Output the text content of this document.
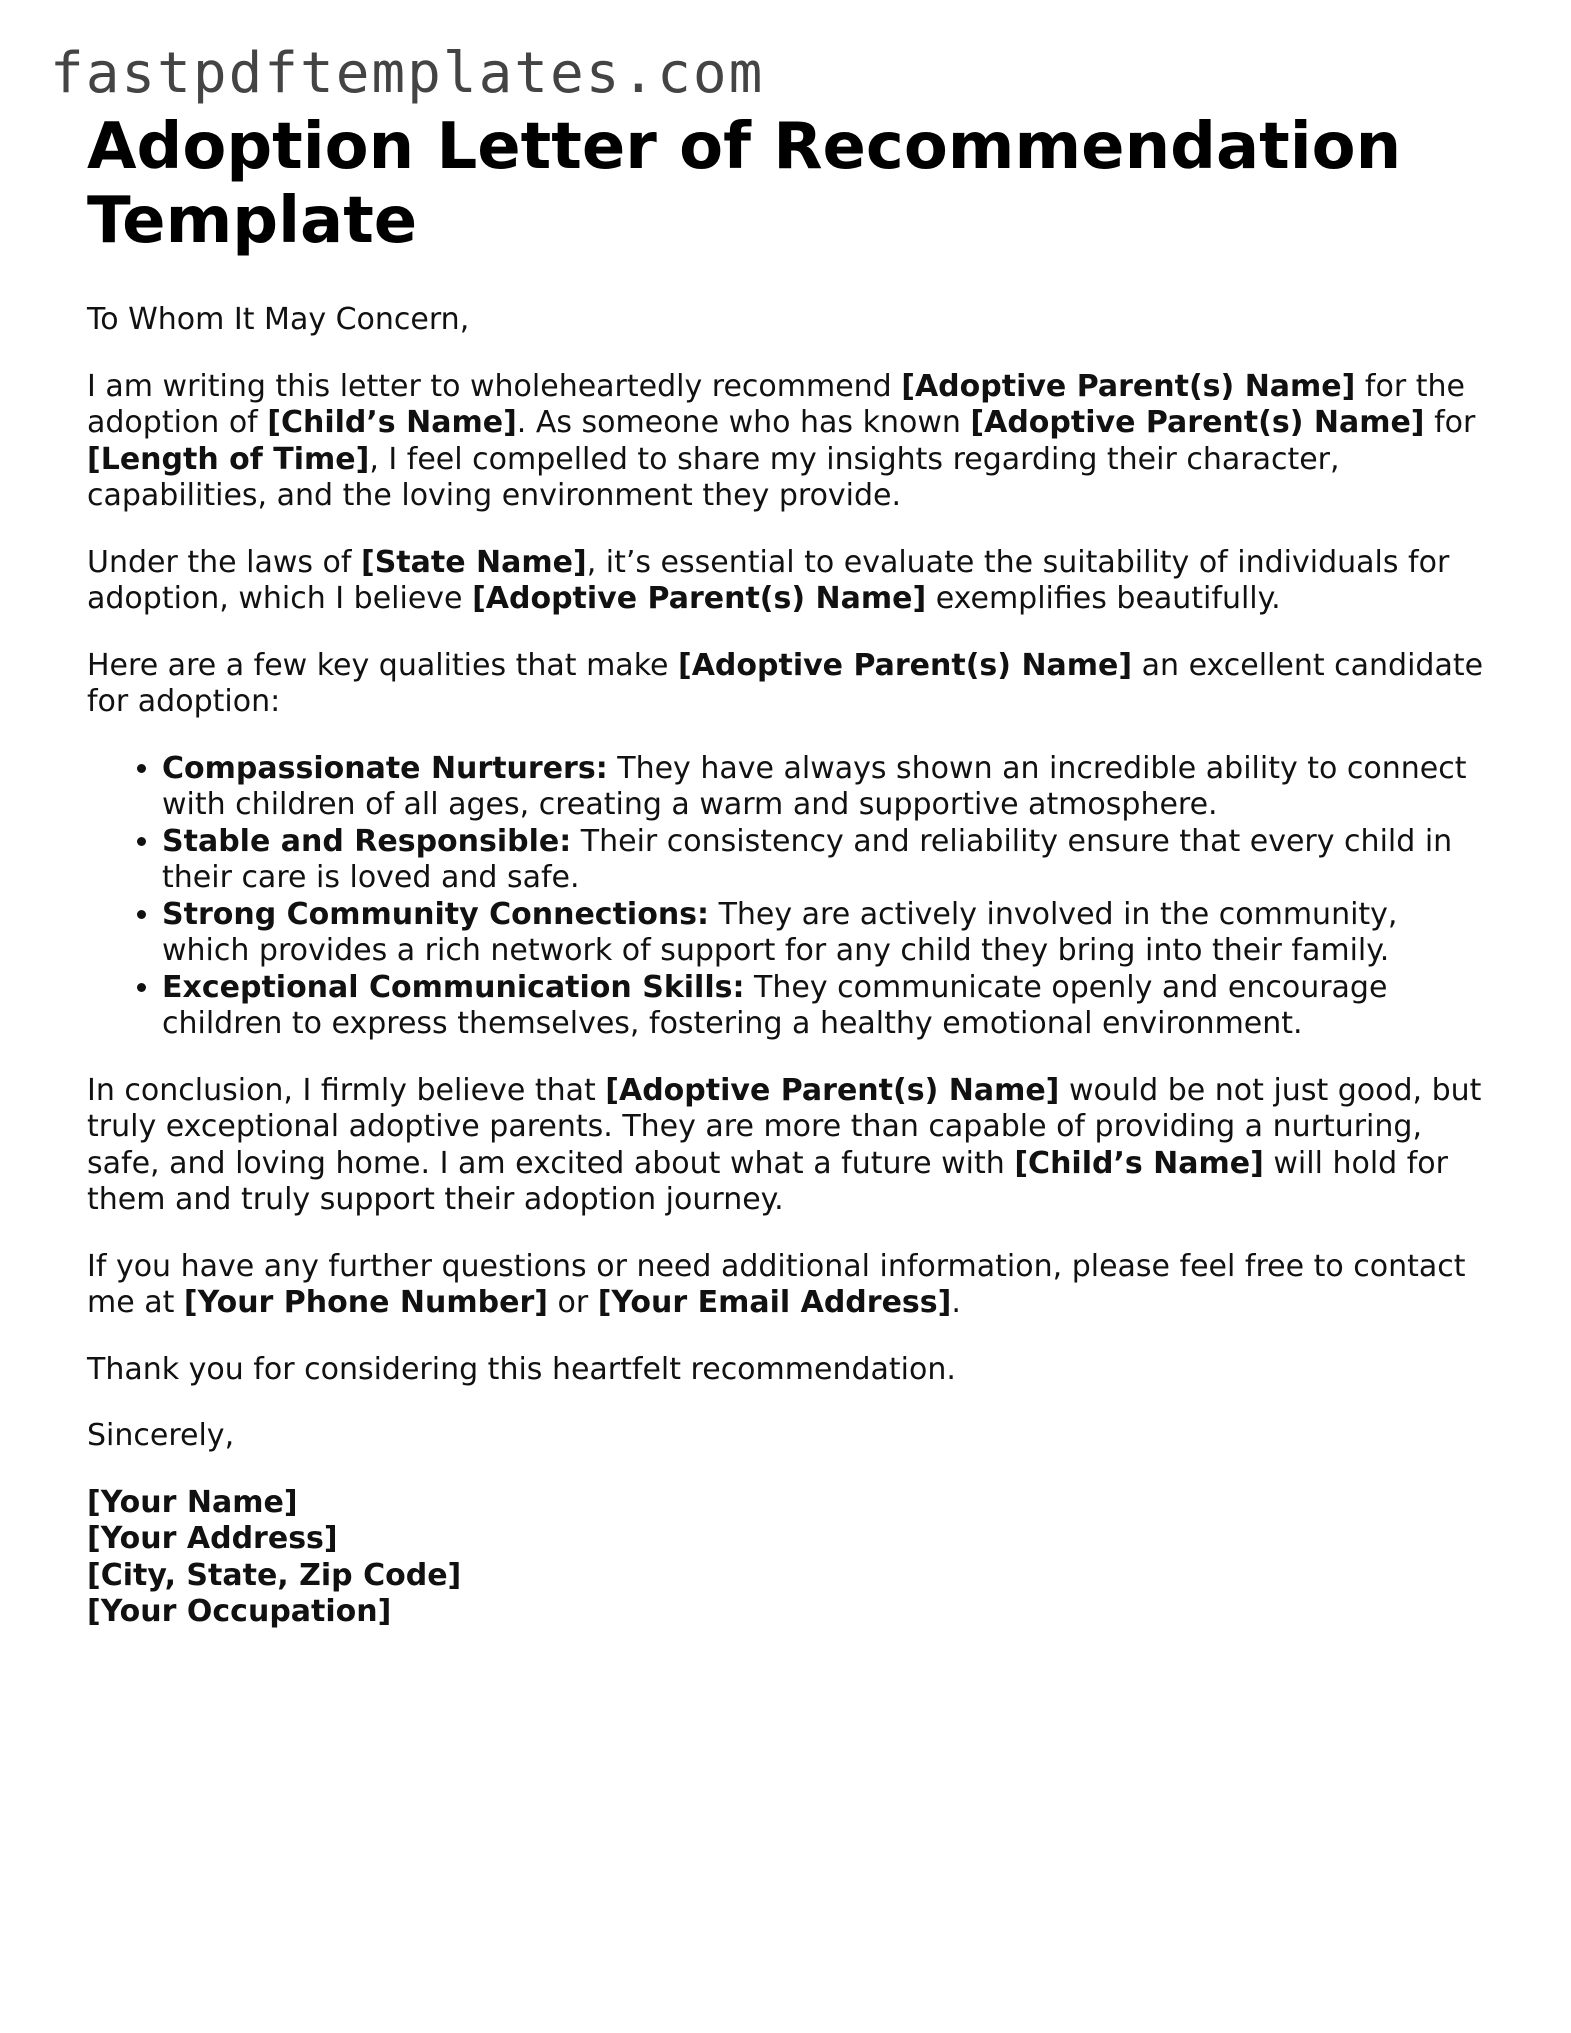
fastpdftemplates.com
Adoption Letter of Recommendation Template

To Whom It May Concern,

I am writing this letter to wholeheartedly recommend [Adoptive Parent(s) Name] for the adoption of [Child’s Name]. As someone who has known [Adoptive Parent(s) Name] for [Length of Time], I feel compelled to share my insights regarding their character, capabilities, and the loving environment they provide.

Under the laws of [State Name], it’s essential to evaluate the suitability of individuals for adoption, which I believe [Adoptive Parent(s) Name] exemplifies beautifully.

Here are a few key qualities that make [Adoptive Parent(s) Name] an excellent candidate for adoption:

• Compassionate Nurturers: They have always shown an incredible ability to connect with children of all ages, creating a warm and supportive atmosphere.
• Stable and Responsible: Their consistency and reliability ensure that every child in their care is loved and safe.
• Strong Community Connections: They are actively involved in the community, which provides a rich network of support for any child they bring into their family.
• Exceptional Communication Skills: They communicate openly and encourage children to express themselves, fostering a healthy emotional environment.

In conclusion, I firmly believe that [Adoptive Parent(s) Name] would be not just good, but truly exceptional adoptive parents. They are more than capable of providing a nurturing, safe, and loving home. I am excited about what a future with [Child’s Name] will hold for them and truly support their adoption journey.

If you have any further questions or need additional information, please feel free to contact me at [Your Phone Number] or [Your Email Address].

Thank you for considering this heartfelt recommendation.

Sincerely,

[Your Name]
[Your Address]
[City, State, Zip Code]
[Your Occupation]
